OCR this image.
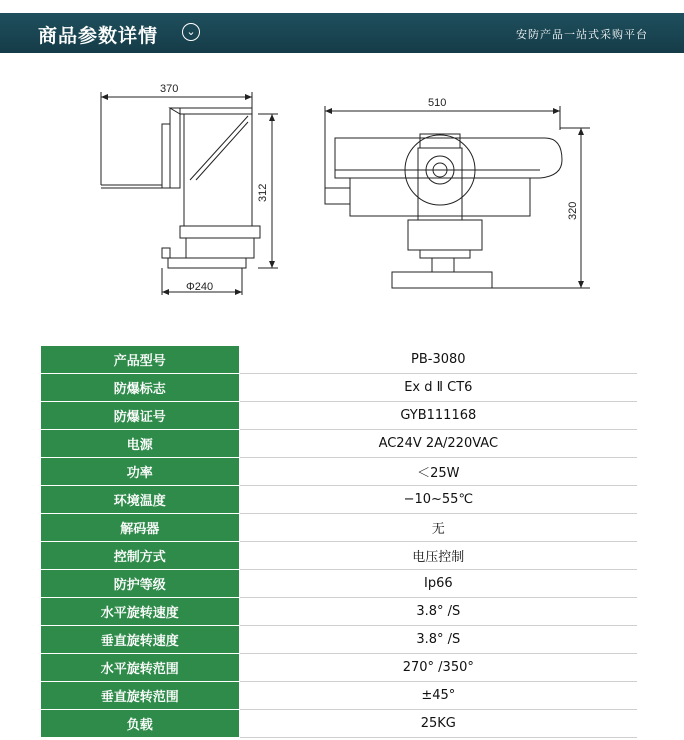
商品参数详情	⌄	安防产品一站式采购平台
370
312
Φ240
510
320
产品型号	PB-3080
防爆标志	Ex d Ⅱ CT6
防爆证号	GYB111168
电源	AC24V 2A/220VAC
功率	＜25W
环境温度	−10~55℃
解码器	无
控制方式	电压控制
防护等级	Ip66
水平旋转速度	3.8° /S
垂直旋转速度	3.8° /S
水平旋转范围	270° /350°
垂直旋转范围	±45°
负载	25KG
